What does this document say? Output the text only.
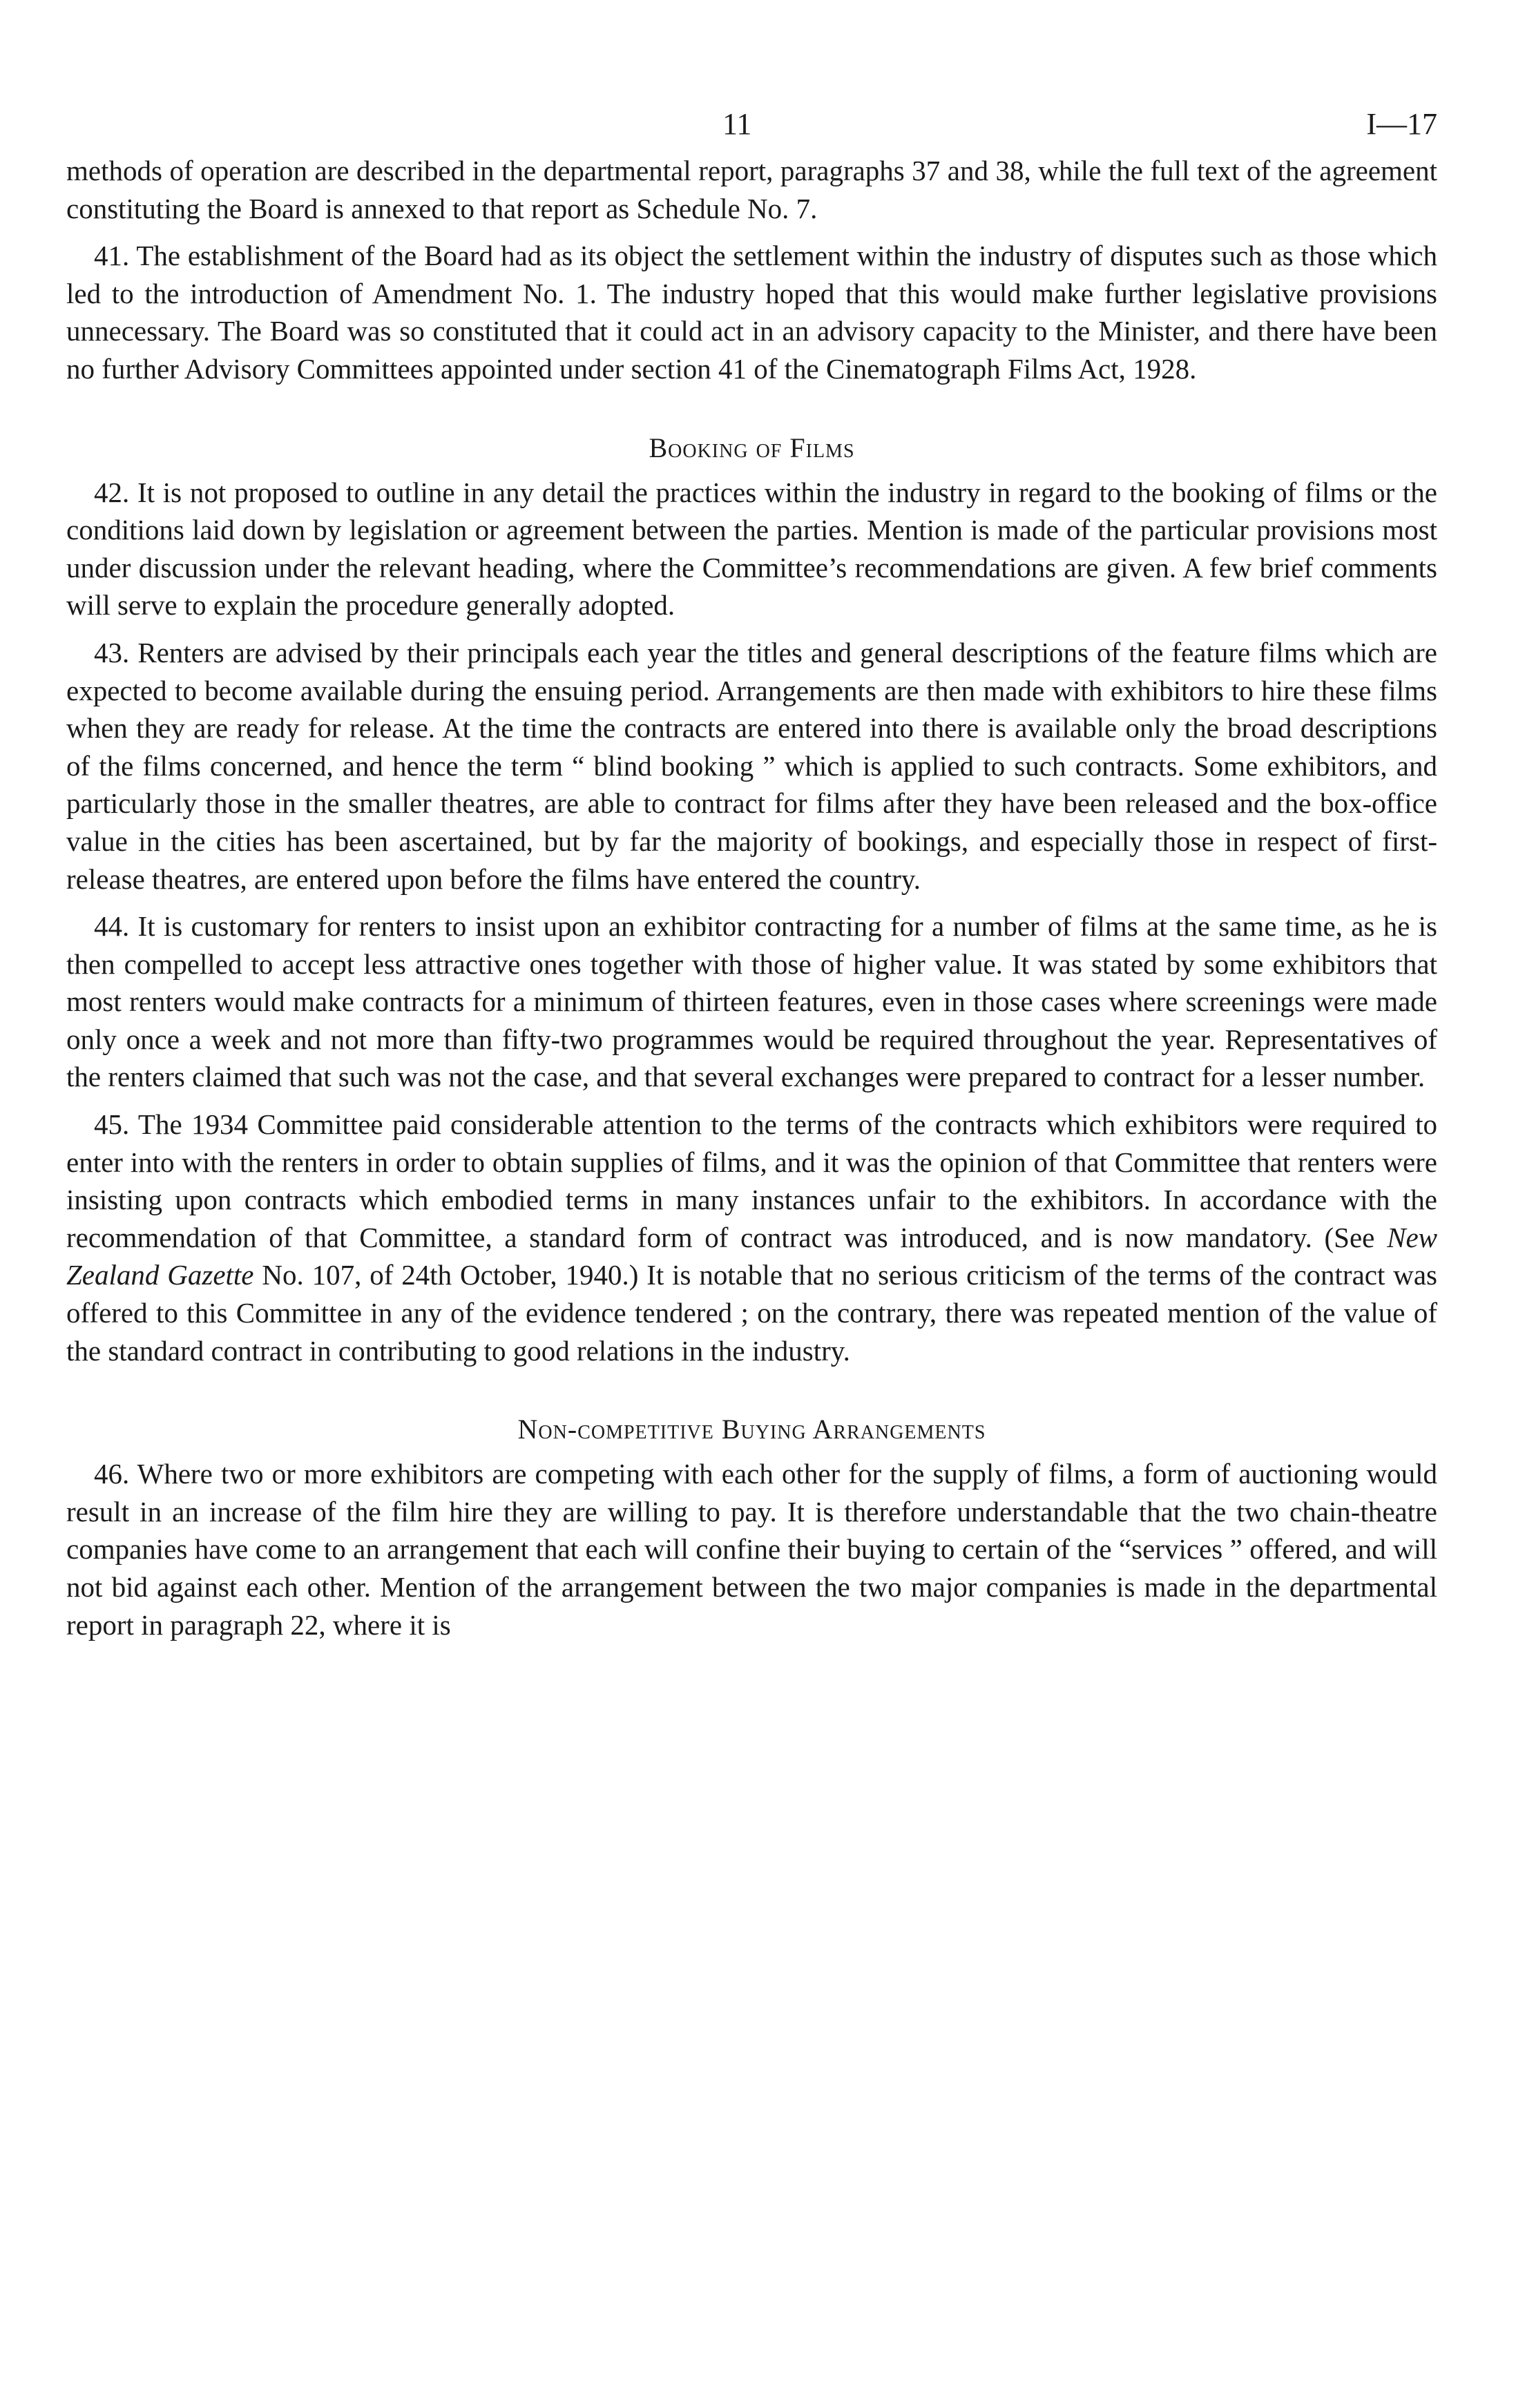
11	I—17

methods of operation are described in the departmental report, paragraphs 37 and 38, while the full text of the agreement constituting the Board is annexed to that report as Schedule No. 7.

41. The establishment of the Board had as its object the settlement within the industry of disputes such as those which led to the introduction of Amendment No. 1. The industry hoped that this would make further legislative provisions unnecessary. The Board was so constituted that it could act in an advisory capacity to the Minister, and there have been no further Advisory Committees appointed under section 41 of the Cinematograph Films Act, 1928.

Booking of Films

42. It is not proposed to outline in any detail the practices within the industry in regard to the booking of films or the conditions laid down by legislation or agreement between the parties. Mention is made of the particular provisions most under discussion under the relevant heading, where the Committee’s recommendations are given. A few brief comments will serve to explain the procedure generally adopted.

43. Renters are advised by their principals each year the titles and general descriptions of the feature films which are expected to become available during the ensuing period. Arrangements are then made with exhibitors to hire these films when they are ready for release. At the time the contracts are entered into there is available only the broad descriptions of the films concerned, and hence the term “ blind booking ” which is applied to such contracts. Some exhibitors, and particularly those in the smaller theatres, are able to contract for films after they have been released and the box-office value in the cities has been ascertained, but by far the majority of bookings, and especially those in respect of first-release theatres, are entered upon before the films have entered the country.

44. It is customary for renters to insist upon an exhibitor contracting for a number of films at the same time, as he is then compelled to accept less attractive ones together with those of higher value. It was stated by some exhibitors that most renters would make contracts for a minimum of thirteen features, even in those cases where screenings were made only once a week and not more than fifty-two programmes would be required throughout the year. Representatives of the renters claimed that such was not the case, and that several exchanges were prepared to contract for a lesser number.

45. The 1934 Committee paid considerable attention to the terms of the contracts which exhibitors were required to enter into with the renters in order to obtain supplies of films, and it was the opinion of that Committee that renters were insisting upon contracts which embodied terms in many instances unfair to the exhibitors. In accordance with the recommendation of that Committee, a standard form of contract was introduced, and is now mandatory. (See New Zealand Gazette No. 107, of 24th October, 1940.) It is notable that no serious criticism of the terms of the contract was offered to this Committee in any of the evidence tendered ; on the contrary, there was repeated mention of the value of the standard contract in contributing to good relations in the industry.

Non-competitive Buying Arrangements

46. Where two or more exhibitors are competing with each other for the supply of films, a form of auctioning would result in an increase of the film hire they are willing to pay. It is therefore understandable that the two chain-theatre companies have come to an arrangement that each will confine their buying to certain of the “services ” offered, and will not bid against each other. Mention of the arrangement between the two major companies is made in the departmental report in paragraph 22, where it is
